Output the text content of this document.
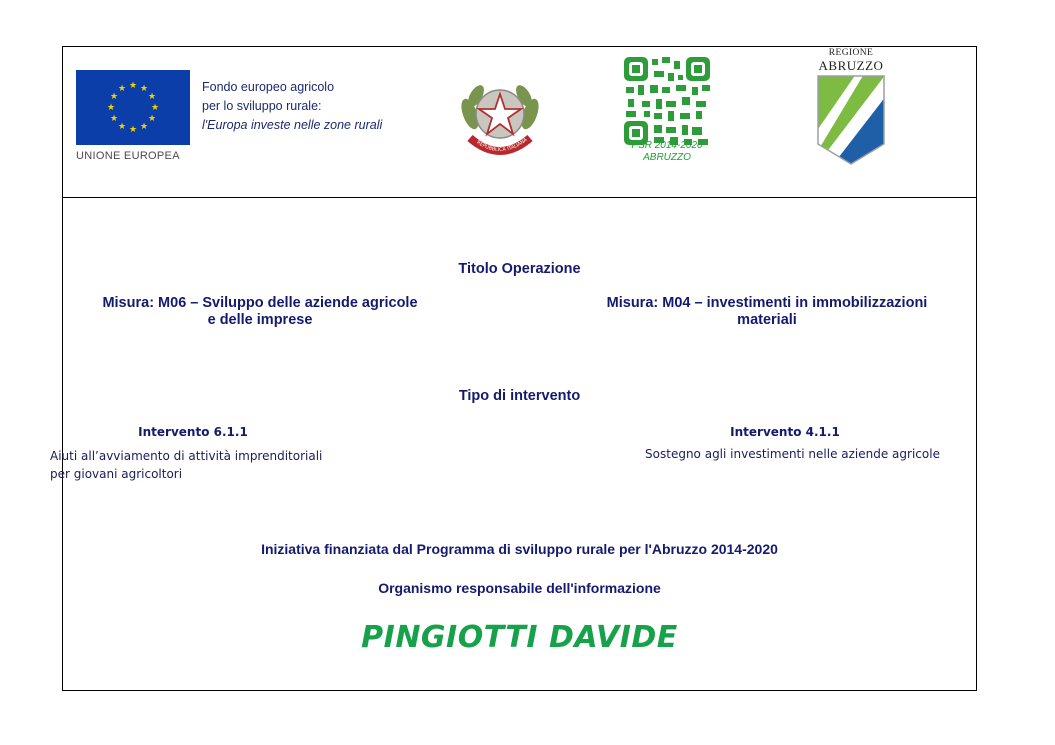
★ ★
★
★
★
★
★
★
★
★
★
★
UNIONE EUROPEA
Fondo europeo agricolo
per lo sviluppo rurale:
l'Europa investe nelle zone rurali
REPUBBLICA ITALIANA	PSR 2014-2020
ABRUZZO
REGIONE
ABRUZZO
Titolo Operazione
Misura: M06 – Sviluppo delle aziende agricole
e delle imprese
Misura: M04 – investimenti in immobilizzazioni
materiali
Tipo di intervento
Intervento 6.1.1
Aiuti all’avviamento di attività imprenditoriali
per giovani agricoltori
Intervento 4.1.1
Sostegno agli investimenti nelle aziende agricole
Iniziativa finanziata dal Programma di sviluppo rurale per l'Abruzzo 2014-2020
Organismo responsabile dell'informazione
PINGIOTTI DAVIDE
